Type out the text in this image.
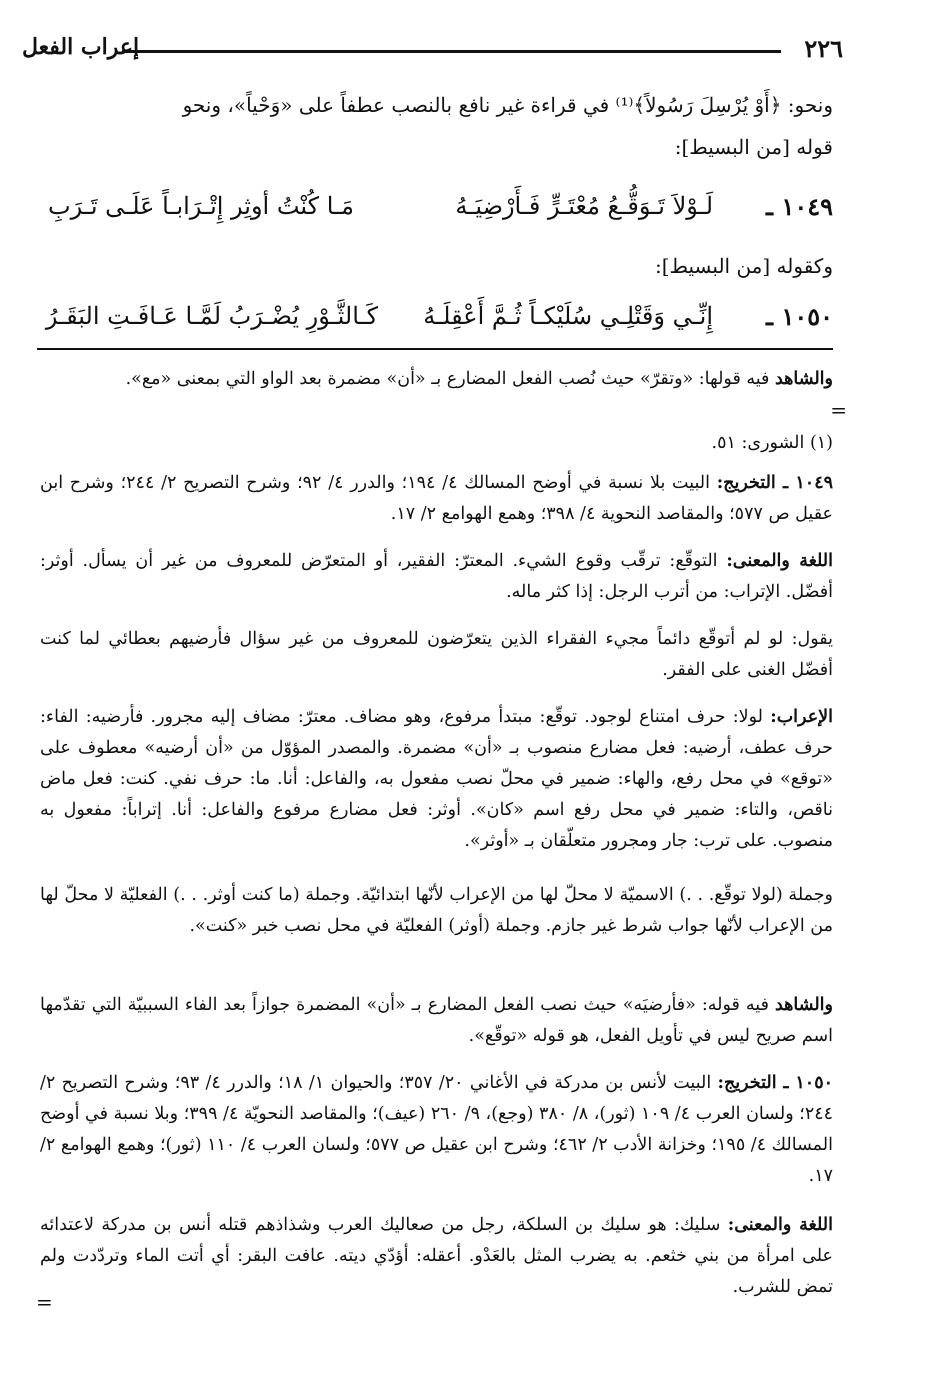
٢٢٦
إعراب الفعل
ونحو: ﴿أَوْ يُرْسِلَ رَسُولاً﴾⁽¹⁾ في قراءة غير نافع بالنصب عطفاً على «وَحْياً»، ونحو
قوله [من البسيط]:
١٠٤٩ ـ
لَـوْلاَ تَـوَقُّـعُ مُعْتَـرٍّ فَـأَرْضِيَـهُ
مَـا كُنْتُ أوثِر إِتْـرَابـاً عَلَـى تَـرَبِ
وكقوله [من البسيط]:
١٠٥٠ ـ
إِنِّـي وَقَتْلِـي سُلَيْكـاً ثُـمَّ أَعْقِلَـهُ
كَـالثَّـوْرِ يُضْـرَبُ لَمَّـا عَـافَـتِ البَقَـرُ
=
والشاهد فيه قولها: «وتقرّ» حيث نُصب الفعل المضارع بـ «أن» مضمرة بعد الواو التي بمعنى «مع».
(١) الشورى: ٥١.
١٠٤٩ ـ التخريج: البيت بلا نسبة في أوضح المسالك ٤/ ١٩٤؛ والدرر ٤/ ٩٢؛ وشرح التصريح ٢/ ٢٤٤؛ وشرح ابن عقيل ص ٥٧٧؛ والمقاصد النحوية ٤/ ٣٩٨؛ وهمع الهوامع ٢/ ١٧.
اللغة والمعنى: التوقّع: ترقّب وقوع الشيء. المعترّ: الفقير، أو المتعرّض للمعروف من غير أن يسأل. أوثر: أفضّل. الإتراب: من أترب الرجل: إذا كثر ماله.
يقول: لو لم أتوقّع دائماً مجيء الفقراء الذين يتعرّضون للمعروف من غير سؤال فأرضيهم بعطائي لما كنت أفضّل الغنى على الفقر.
الإعراب: لولا: حرف امتناع لوجود. توقّع: مبتدأ مرفوع، وهو مضاف. معترّ: مضاف إليه مجرور. فأرضيه: الفاء: حرف عطف، أرضيه: فعل مضارع منصوب بـ «أن» مضمرة. والمصدر المؤوّل من «أن أرضيه» معطوف على «توقع» في محل رفع، والهاء: ضمير في محلّ نصب مفعول به، والفاعل: أنا. ما: حرف نفي. كنت: فعل ماض ناقص، والتاء: ضمير في محل رفع اسم «كان». أوثر: فعل مضارع مرفوع والفاعل: أنا. إتراباً: مفعول به منصوب. على ترب: جار ومجرور متعلّقان بـ «أوثر».
وجملة (لولا توقّع. . .) الاسميّة لا محلّ لها من الإعراب لأنّها ابتدائيّة. وجملة (ما كنت أوثر. . .) الفعليّة لا محلّ لها من الإعراب لأنّها جواب شرط غير جازم. وجملة (أوثر) الفعليّة في محل نصب خبر «كنت».
والشاهد فيه قوله: «فأرضيَه» حيث نصب الفعل المضارع بـ «أن» المضمرة جوازاً بعد الفاء السببيّة التي تقدّمها اسم صريح ليس في تأويل الفعل، هو قوله «توقّع».
١٠٥٠ ـ التخريج: البيت لأنس بن مدركة في الأغاني ٢٠/ ٣٥٧؛ والحيوان ١/ ١٨؛ والدرر ٤/ ٩٣؛ وشرح التصريح ٢/ ٢٤٤؛ ولسان العرب ٤/ ١٠٩ (ثور)، ٨/ ٣٨٠ (وجع)، ٩/ ٢٦٠ (عيف)؛ والمقاصد النحويّة ٤/ ٣٩٩؛ وبلا نسبة في أوضح المسالك ٤/ ١٩٥؛ وخزانة الأدب ٢/ ٤٦٢؛ وشرح ابن عقيل ص ٥٧٧؛ ولسان العرب ٤/ ١١٠ (ثور)؛ وهمع الهوامع ٢/ ١٧.
اللغة والمعنى: سليك: هو سليك بن السلكة، رجل من صعاليك العرب وشذاذهم قتله أنس بن مدركة لاعتدائه على امرأة من بني خثعم. به يضرب المثل بالعَدْو. أعقله: أؤدّي ديته. عافت البقر: أي أتت الماء وتردّدت ولم تمض للشرب.
=
